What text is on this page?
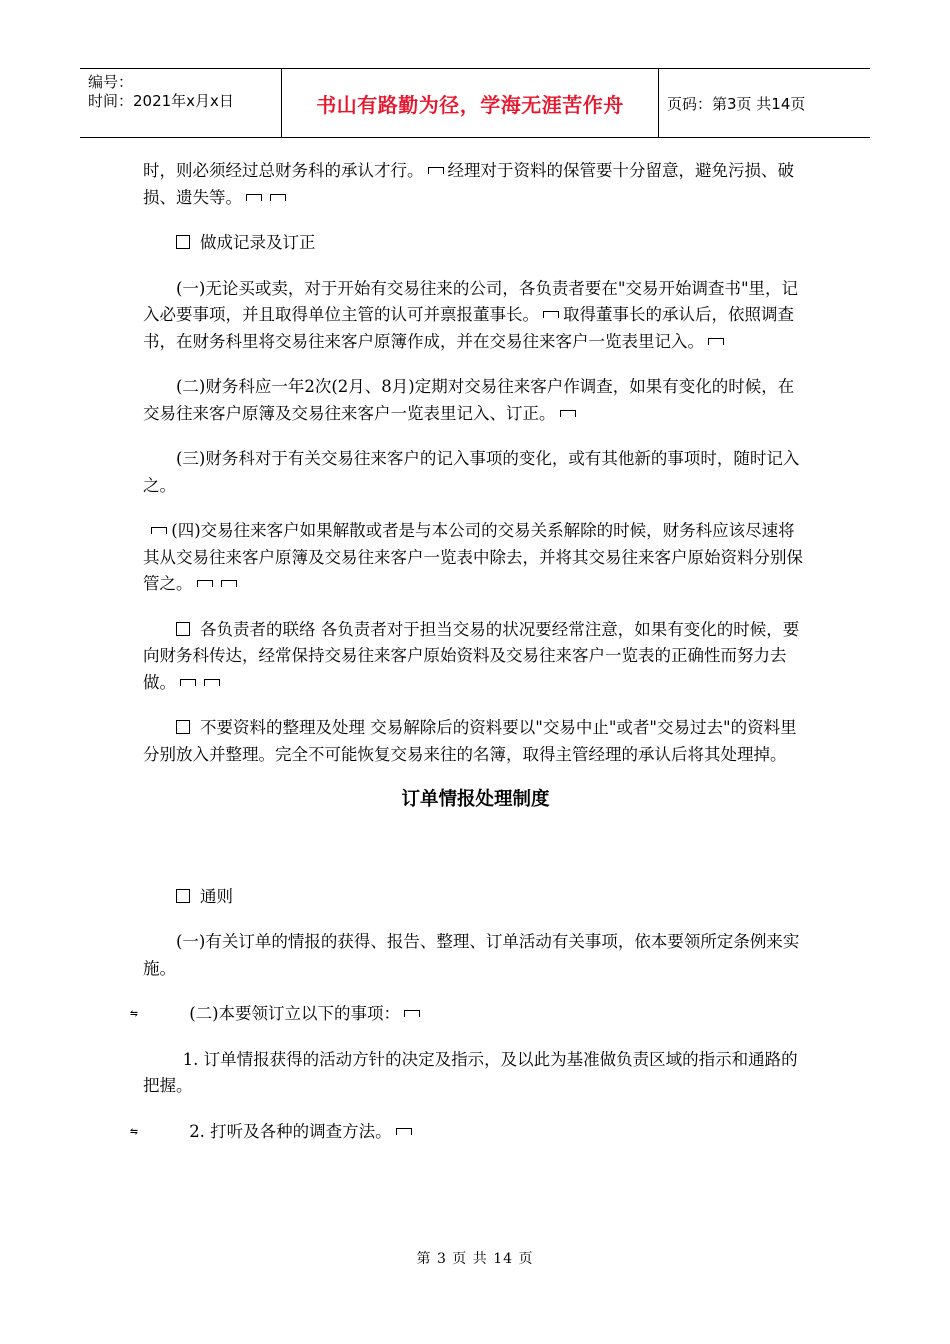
编号：
时间：2021年x月x日	书山有路勤为径，学海无涯苦作舟	页码：第3页 共14页

时，则必须经过总财务科的承认才行。 经理对于资料的保管要十分留意，避免污损、破损、遗失等。

做成记录及订正

(一)无论买或卖，对于开始有交易往来的公司，各负责者要在"交易开始调查书"里，记入必要事项，并且取得单位主管的认可并禀报董事长。 取得董事长的承认后，依照调查书，在财务科里将交易往来客户原簿作成，并在交易往来客户一览表里记入。

(二)财务科应一年2次(2月、8月)定期对交易往来客户作调查，如果有变化的时候，在交易往来客户原簿及交易往来客户一览表里记入、订正。

(三)财务科对于有关交易往来客户的记入事项的变化，或有其他新的事项时，随时记入之。

(四)交易往来客户如果解散或者是与本公司的交易关系解除的时候，财务科应该尽速将其从交易往来客户原簿及交易往来客户一览表中除去，并将其交易往来客户原始资料分别保管之。

各负责者的联络 各负责者对于担当交易的状况要经常注意，如果有变化的时候，要向财务科传达，经常保持交易往来客户原始资料及交易往来客户一览表的正确性而努力去做。

不要资料的整理及处理 交易解除后的资料要以"交易中止"或者"交易过去"的资料里分别放入并整理。完全不可能恢复交易来往的名簿，取得主管经理的承认后将其处理掉。

订单情报处理制度

通则

(一)有关订单的情报的获得、报告、整理、订单活动有关事项，依本要领所定条例来实施。

⇋	(二)本要领订立以下的事项：

1. 订单情报获得的活动方针的决定及指示，及以此为基准做负责区域的指示和通路的把握。

⇋	2. 打听及各种的调查方法。

第 3 页 共 14 页
